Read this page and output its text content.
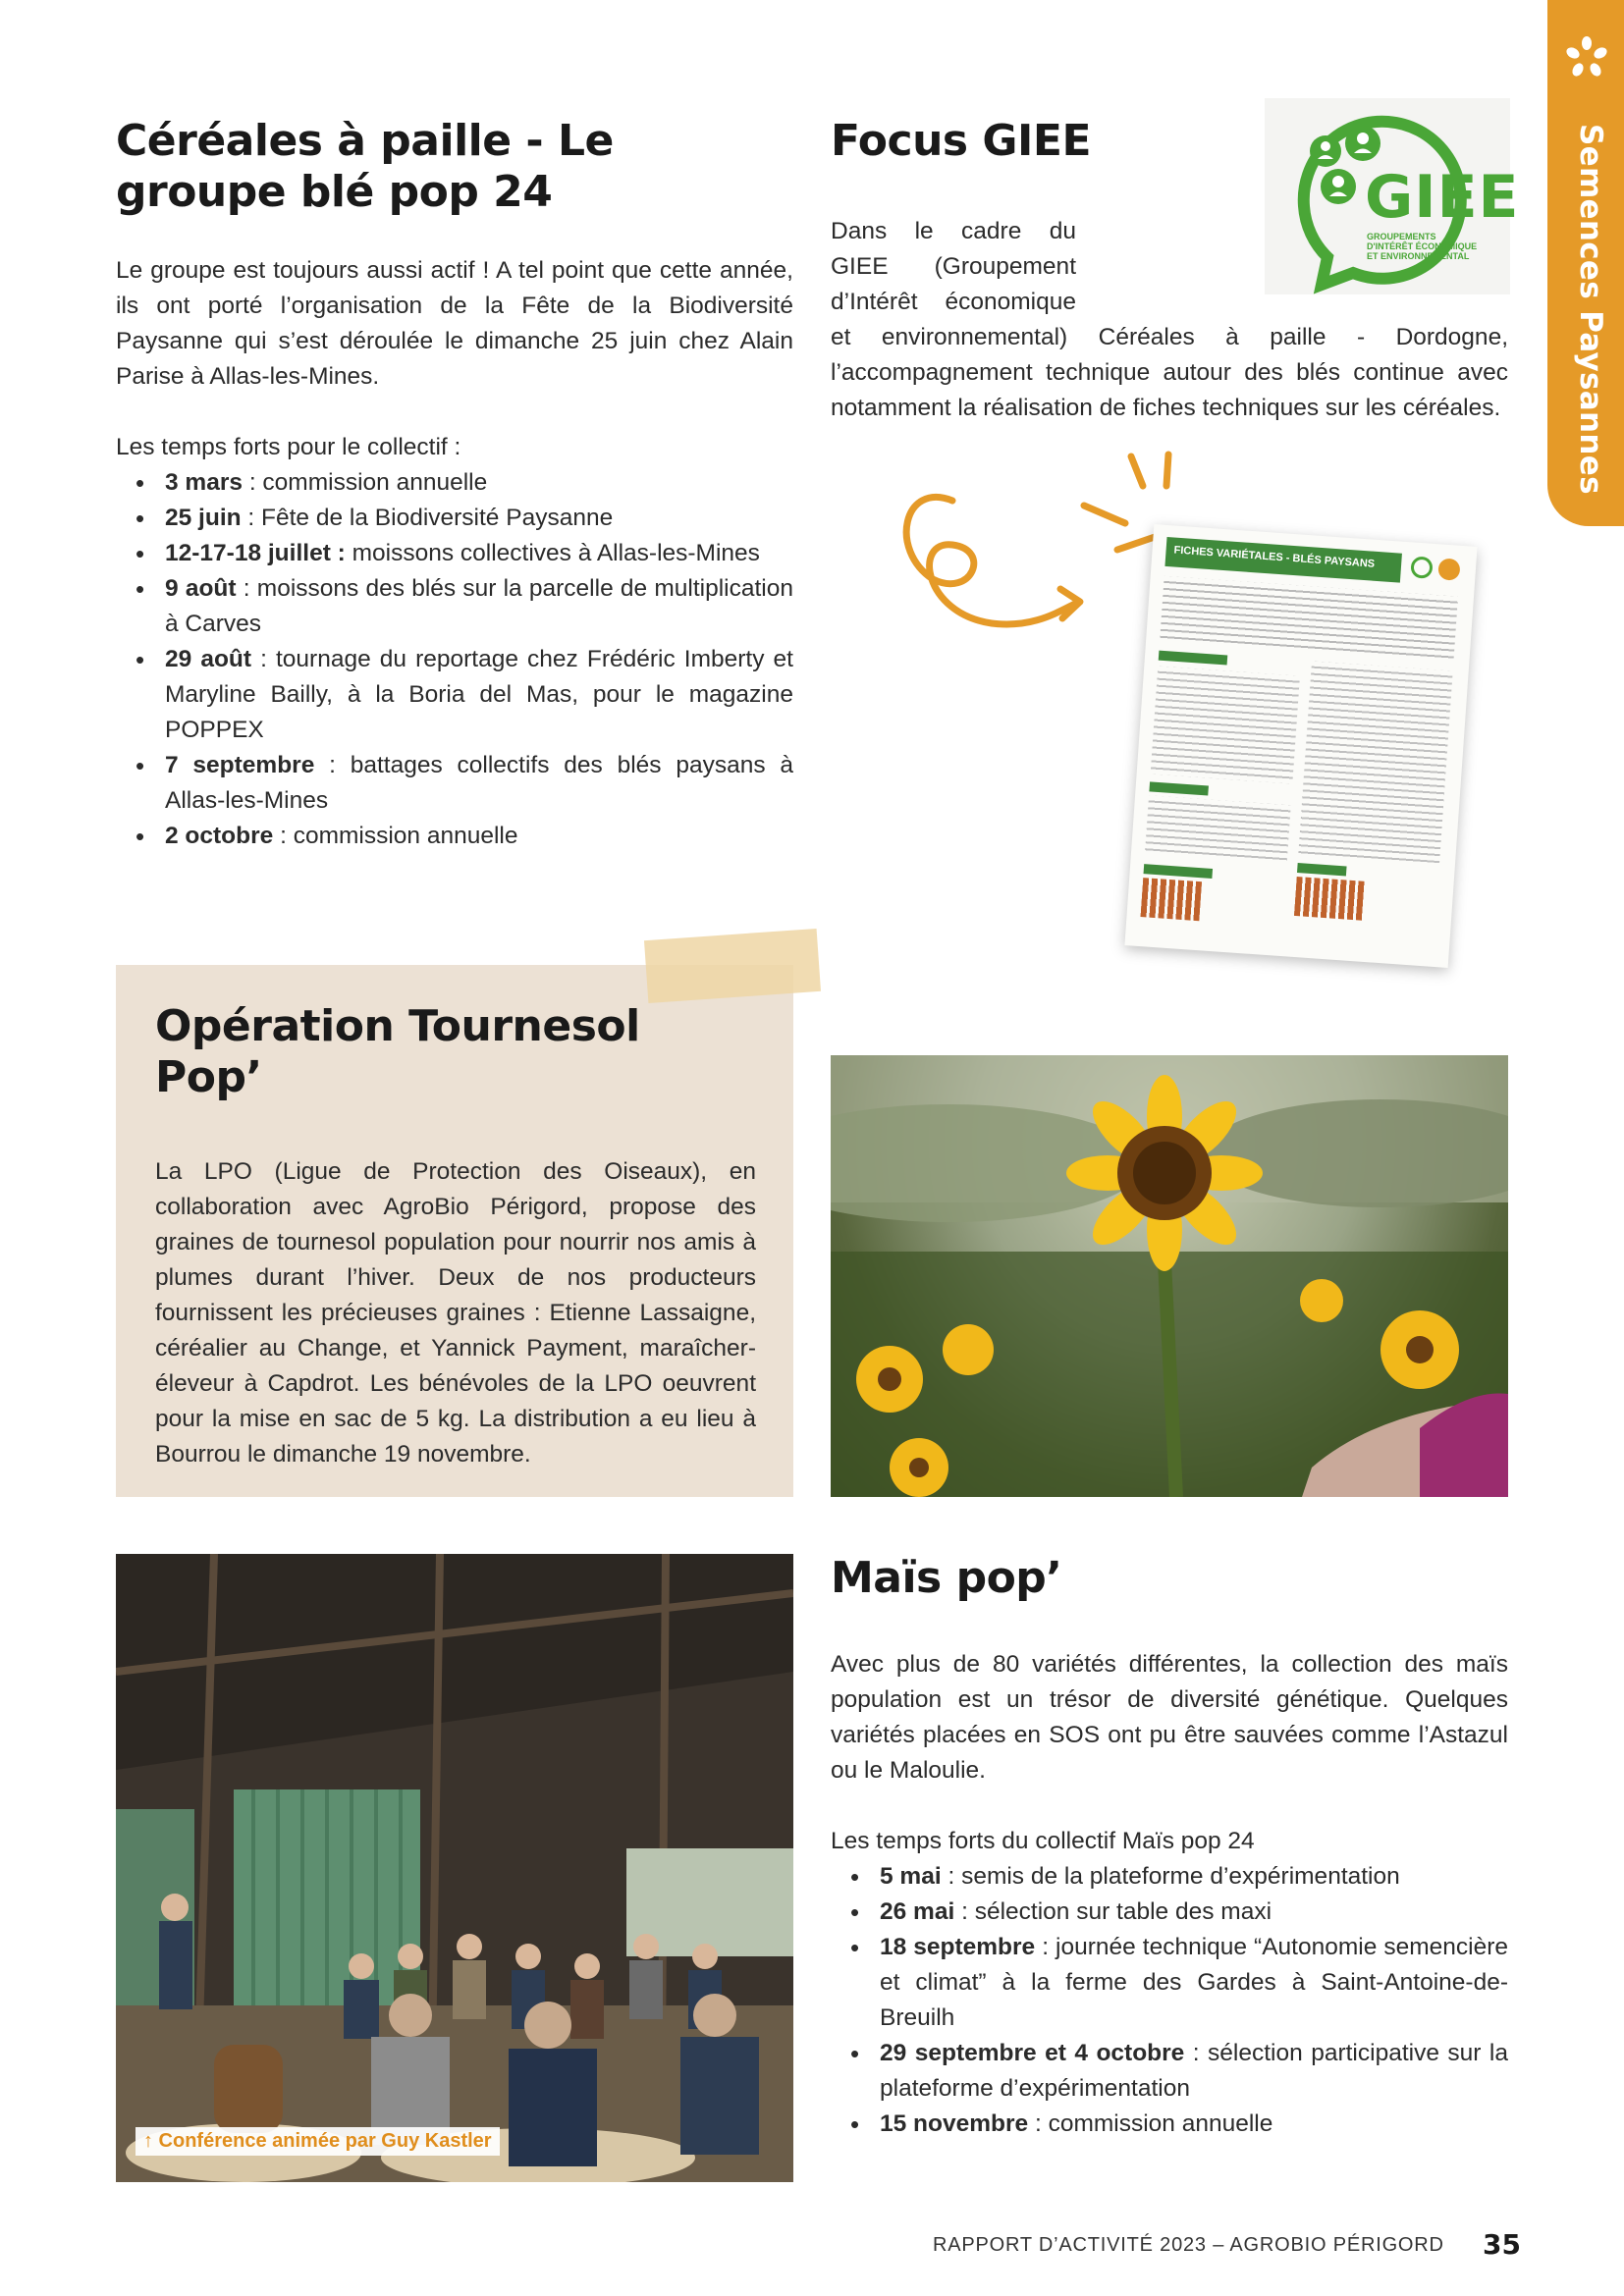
Semences Paysannes
Céréales à paille - Le groupe blé pop 24

Le groupe est toujours aussi actif ! A tel point que cette année, ils ont porté l’organisation de la Fête de la Biodiversité Paysanne qui s’est déroulée le dimanche 25 juin chez Alain Parise à Allas-les-Mines.

Les temps forts pour le collectif :
• 3 mars : commission annuelle
• 25 juin : Fête de la Biodiversité Paysanne
• 12-17-18 juillet : moissons collectives à Allas-les-Mines
• 9 août : moissons des blés sur la parcelle de multiplication à Carves
• 29 août : tournage du reportage chez Frédéric Imberty et Maryline Bailly, à la Boria del Mas, pour le magazine POPPEX
• 7 septembre : battages collectifs des blés paysans à Allas-les-Mines
• 2 octobre : commission annuelle
GIEE
GROUPEMENTS D'INTÉRÊT ÉCONOMIQUE ET ENVIRONNEMENTAL
Focus GIEE
Dans le cadre du GIEE (Groupement d’Intérêt économique et environnemental) Céréales à paille - Dordogne, l’accompagnement technique autour des blés continue avec notamment la réalisation de fiches techniques sur les céréales.
FICHES VARIÉTALES - BLÉS PAYSANS
Opération Tournesol Pop’
La LPO (Ligue de Protection des Oiseaux), en collaboration avec AgroBio Périgord, propose des graines de tournesol population pour nourrir nos amis à plumes durant l’hiver. Deux de nos producteurs fournissent les précieuses graines : Etienne Lassaigne, céréalier au Change, et Yannick Payment, maraîcher-éleveur à Capdrot. Les bénévoles de la LPO oeuvrent pour la mise en sac de 5 kg. La distribution a eu lieu à Bourrou le dimanche 19 novembre.
↑ Conférence animée par Guy Kastler
Maïs pop’

Avec plus de 80 variétés différentes, la collection des maïs population est un trésor de diversité génétique. Quelques variétés placées en SOS ont pu être sauvées comme l’Astazul ou le Maloulie.

Les temps forts du collectif Maïs pop 24
• 5 mai : semis de la plateforme d’expérimentation
• 26 mai : sélection sur table des maxi
• 18 septembre : journée technique “Autonomie semencière et climat” à la ferme des Gardes à Saint-Antoine-de-Breuilh
• 29 septembre et 4 octobre : sélection participative sur la plateforme d’expérimentation
• 15 novembre : commission annuelle
RAPPORT D’ACTIVITÉ 2023 – AGROBIO PÉRIGORD 35
